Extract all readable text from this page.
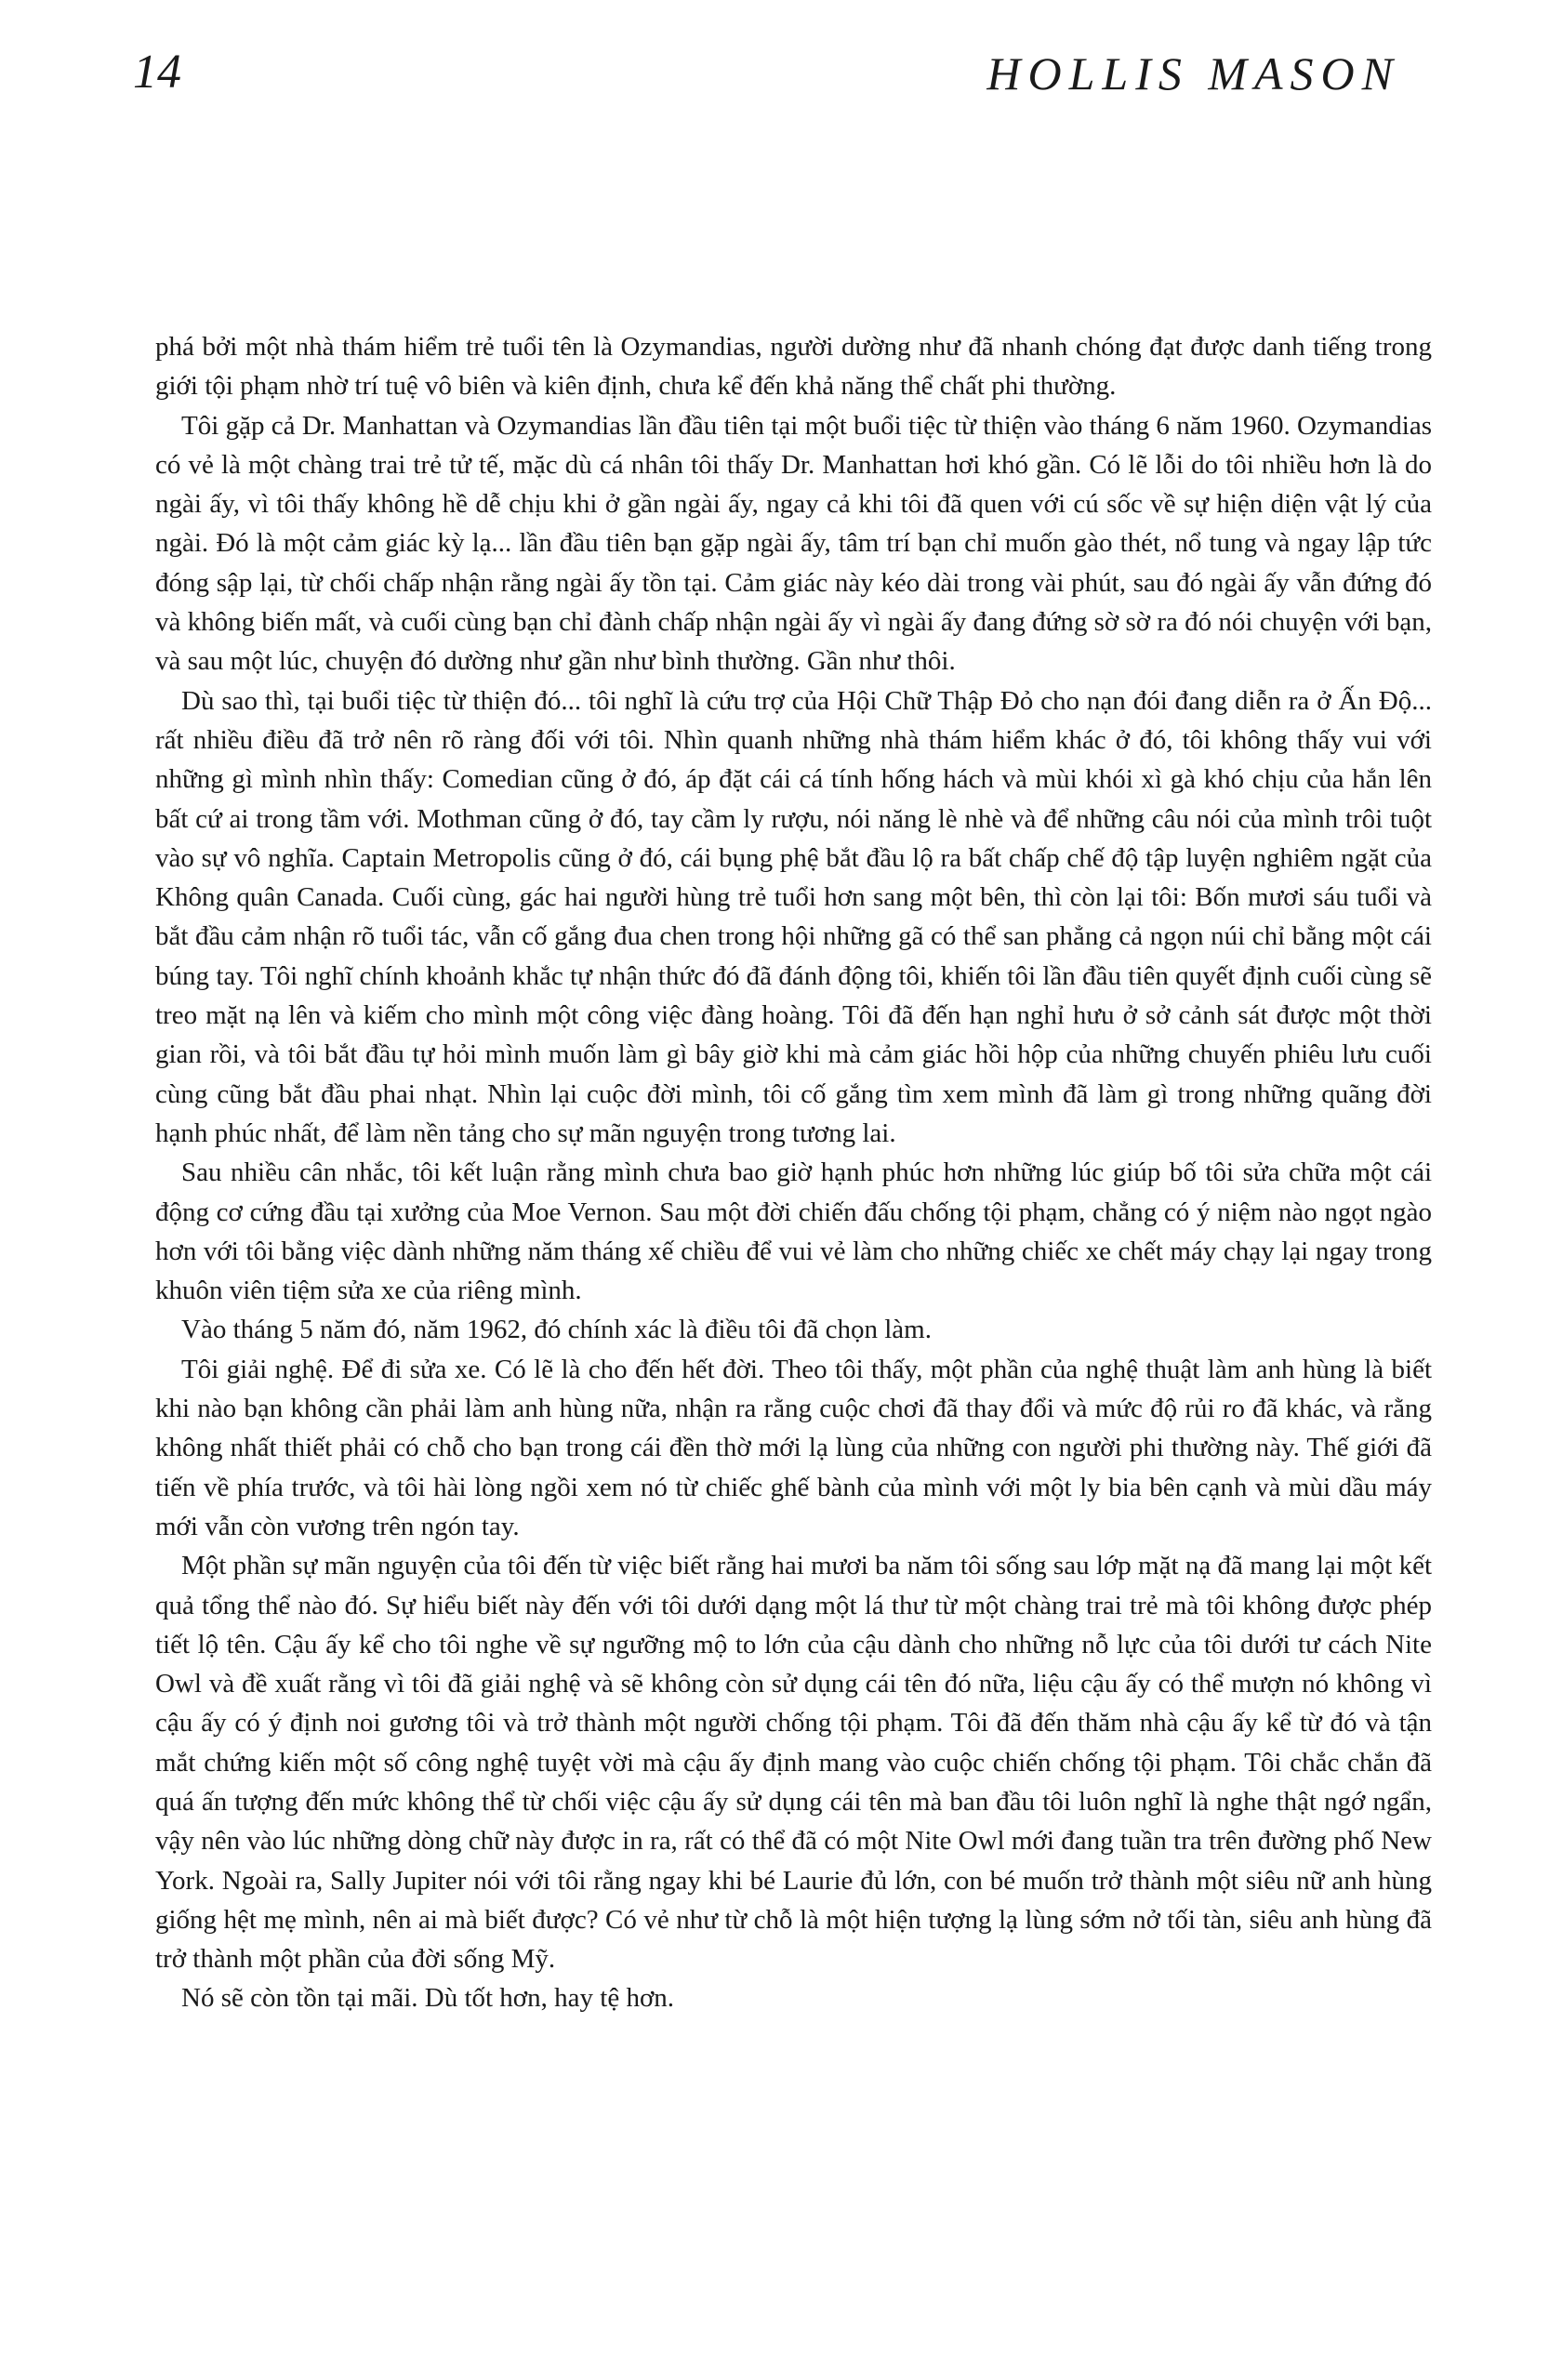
14	HOLLIS MASON

phá bởi một nhà thám hiểm trẻ tuổi tên là Ozymandias, người dường như đã nhanh chóng đạt được danh tiếng trong giới tội phạm nhờ trí tuệ vô biên và kiên định, chưa kể đến khả năng thể chất phi thường.

Tôi gặp cả Dr. Manhattan và Ozymandias lần đầu tiên tại một buổi tiệc từ thiện vào tháng 6 năm 1960. Ozymandias có vẻ là một chàng trai trẻ tử tế, mặc dù cá nhân tôi thấy Dr. Manhattan hơi khó gần. Có lẽ lỗi do tôi nhiều hơn là do ngài ấy, vì tôi thấy không hề dễ chịu khi ở gần ngài ấy, ngay cả khi tôi đã quen với cú sốc về sự hiện diện vật lý của ngài. Đó là một cảm giác kỳ lạ... lần đầu tiên bạn gặp ngài ấy, tâm trí bạn chỉ muốn gào thét, nổ tung và ngay lập tức đóng sập lại, từ chối chấp nhận rằng ngài ấy tồn tại. Cảm giác này kéo dài trong vài phút, sau đó ngài ấy vẫn đứng đó và không biến mất, và cuối cùng bạn chỉ đành chấp nhận ngài ấy vì ngài ấy đang đứng sờ sờ ra đó nói chuyện với bạn, và sau một lúc, chuyện đó dường như gần như bình thường. Gần như thôi.

Dù sao thì, tại buổi tiệc từ thiện đó... tôi nghĩ là cứu trợ của Hội Chữ Thập Đỏ cho nạn đói đang diễn ra ở Ấn Độ... rất nhiều điều đã trở nên rõ ràng đối với tôi. Nhìn quanh những nhà thám hiểm khác ở đó, tôi không thấy vui với những gì mình nhìn thấy: Comedian cũng ở đó, áp đặt cái cá tính hống hách và mùi khói xì gà khó chịu của hắn lên bất cứ ai trong tầm với. Mothman cũng ở đó, tay cầm ly rượu, nói năng lè nhè và để những câu nói của mình trôi tuột vào sự vô nghĩa. Captain Metropolis cũng ở đó, cái bụng phệ bắt đầu lộ ra bất chấp chế độ tập luyện nghiêm ngặt của Không quân Canada. Cuối cùng, gác hai người hùng trẻ tuổi hơn sang một bên, thì còn lại tôi: Bốn mươi sáu tuổi và bắt đầu cảm nhận rõ tuổi tác, vẫn cố gắng đua chen trong hội những gã có thể san phẳng cả ngọn núi chỉ bằng một cái búng tay. Tôi nghĩ chính khoảnh khắc tự nhận thức đó đã đánh động tôi, khiến tôi lần đầu tiên quyết định cuối cùng sẽ treo mặt nạ lên và kiếm cho mình một công việc đàng hoàng. Tôi đã đến hạn nghỉ hưu ở sở cảnh sát được một thời gian rồi, và tôi bắt đầu tự hỏi mình muốn làm gì bây giờ khi mà cảm giác hồi hộp của những chuyến phiêu lưu cuối cùng cũng bắt đầu phai nhạt. Nhìn lại cuộc đời mình, tôi cố gắng tìm xem mình đã làm gì trong những quãng đời hạnh phúc nhất, để làm nền tảng cho sự mãn nguyện trong tương lai.

Sau nhiều cân nhắc, tôi kết luận rằng mình chưa bao giờ hạnh phúc hơn những lúc giúp bố tôi sửa chữa một cái động cơ cứng đầu tại xưởng của Moe Vernon. Sau một đời chiến đấu chống tội phạm, chẳng có ý niệm nào ngọt ngào hơn với tôi bằng việc dành những năm tháng xế chiều để vui vẻ làm cho những chiếc xe chết máy chạy lại ngay trong khuôn viên tiệm sửa xe của riêng mình.

Vào tháng 5 năm đó, năm 1962, đó chính xác là điều tôi đã chọn làm.

Tôi giải nghệ. Để đi sửa xe. Có lẽ là cho đến hết đời. Theo tôi thấy, một phần của nghệ thuật làm anh hùng là biết khi nào bạn không cần phải làm anh hùng nữa, nhận ra rằng cuộc chơi đã thay đổi và mức độ rủi ro đã khác, và rằng không nhất thiết phải có chỗ cho bạn trong cái đền thờ mới lạ lùng của những con người phi thường này. Thế giới đã tiến về phía trước, và tôi hài lòng ngồi xem nó từ chiếc ghế bành của mình với một ly bia bên cạnh và mùi dầu máy mới vẫn còn vương trên ngón tay.

Một phần sự mãn nguyện của tôi đến từ việc biết rằng hai mươi ba năm tôi sống sau lớp mặt nạ đã mang lại một kết quả tổng thể nào đó. Sự hiểu biết này đến với tôi dưới dạng một lá thư từ một chàng trai trẻ mà tôi không được phép tiết lộ tên. Cậu ấy kể cho tôi nghe về sự ngưỡng mộ to lớn của cậu dành cho những nỗ lực của tôi dưới tư cách Nite Owl và đề xuất rằng vì tôi đã giải nghệ và sẽ không còn sử dụng cái tên đó nữa, liệu cậu ấy có thể mượn nó không vì cậu ấy có ý định noi gương tôi và trở thành một người chống tội phạm. Tôi đã đến thăm nhà cậu ấy kể từ đó và tận mắt chứng kiến một số công nghệ tuyệt vời mà cậu ấy định mang vào cuộc chiến chống tội phạm. Tôi chắc chắn đã quá ấn tượng đến mức không thể từ chối việc cậu ấy sử dụng cái tên mà ban đầu tôi luôn nghĩ là nghe thật ngớ ngẩn, vậy nên vào lúc những dòng chữ này được in ra, rất có thể đã có một Nite Owl mới đang tuần tra trên đường phố New York. Ngoài ra, Sally Jupiter nói với tôi rằng ngay khi bé Laurie đủ lớn, con bé muốn trở thành một siêu nữ anh hùng giống hệt mẹ mình, nên ai mà biết được? Có vẻ như từ chỗ là một hiện tượng lạ lùng sớm nở tối tàn, siêu anh hùng đã trở thành một phần của đời sống Mỹ.

Nó sẽ còn tồn tại mãi. Dù tốt hơn, hay tệ hơn.
